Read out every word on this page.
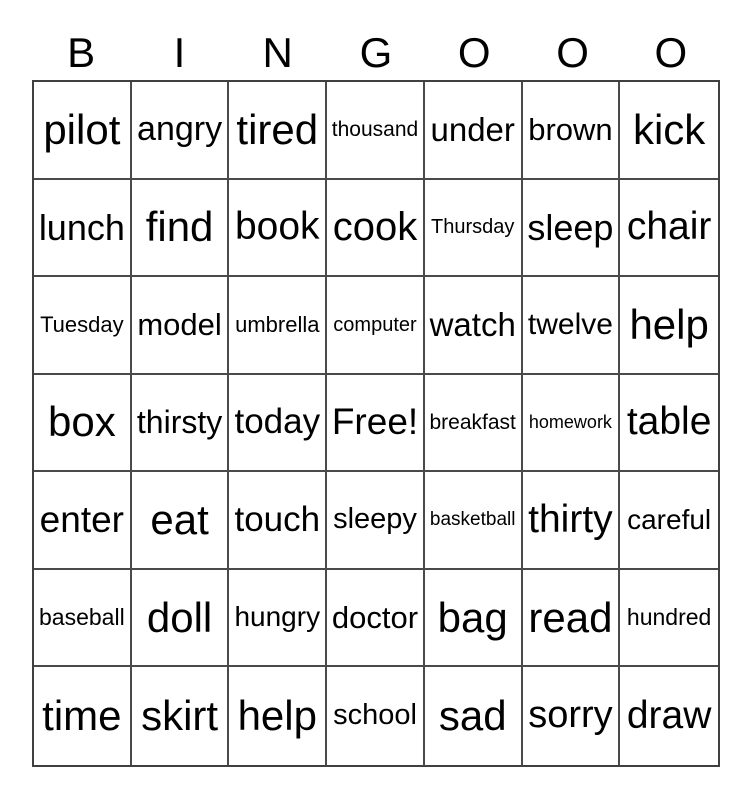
B	I	N	G	O	O	O
pilot angry tired thousand under brown kick
lunch find book cook Thursday sleep chair
Tuesday model umbrella computer watch twelve help
box thirsty today Free! breakfast homework table
enter eat touch sleepy basketball thirty careful
baseball doll hungry doctor bag read hundred
time skirt help school sad sorry draw
